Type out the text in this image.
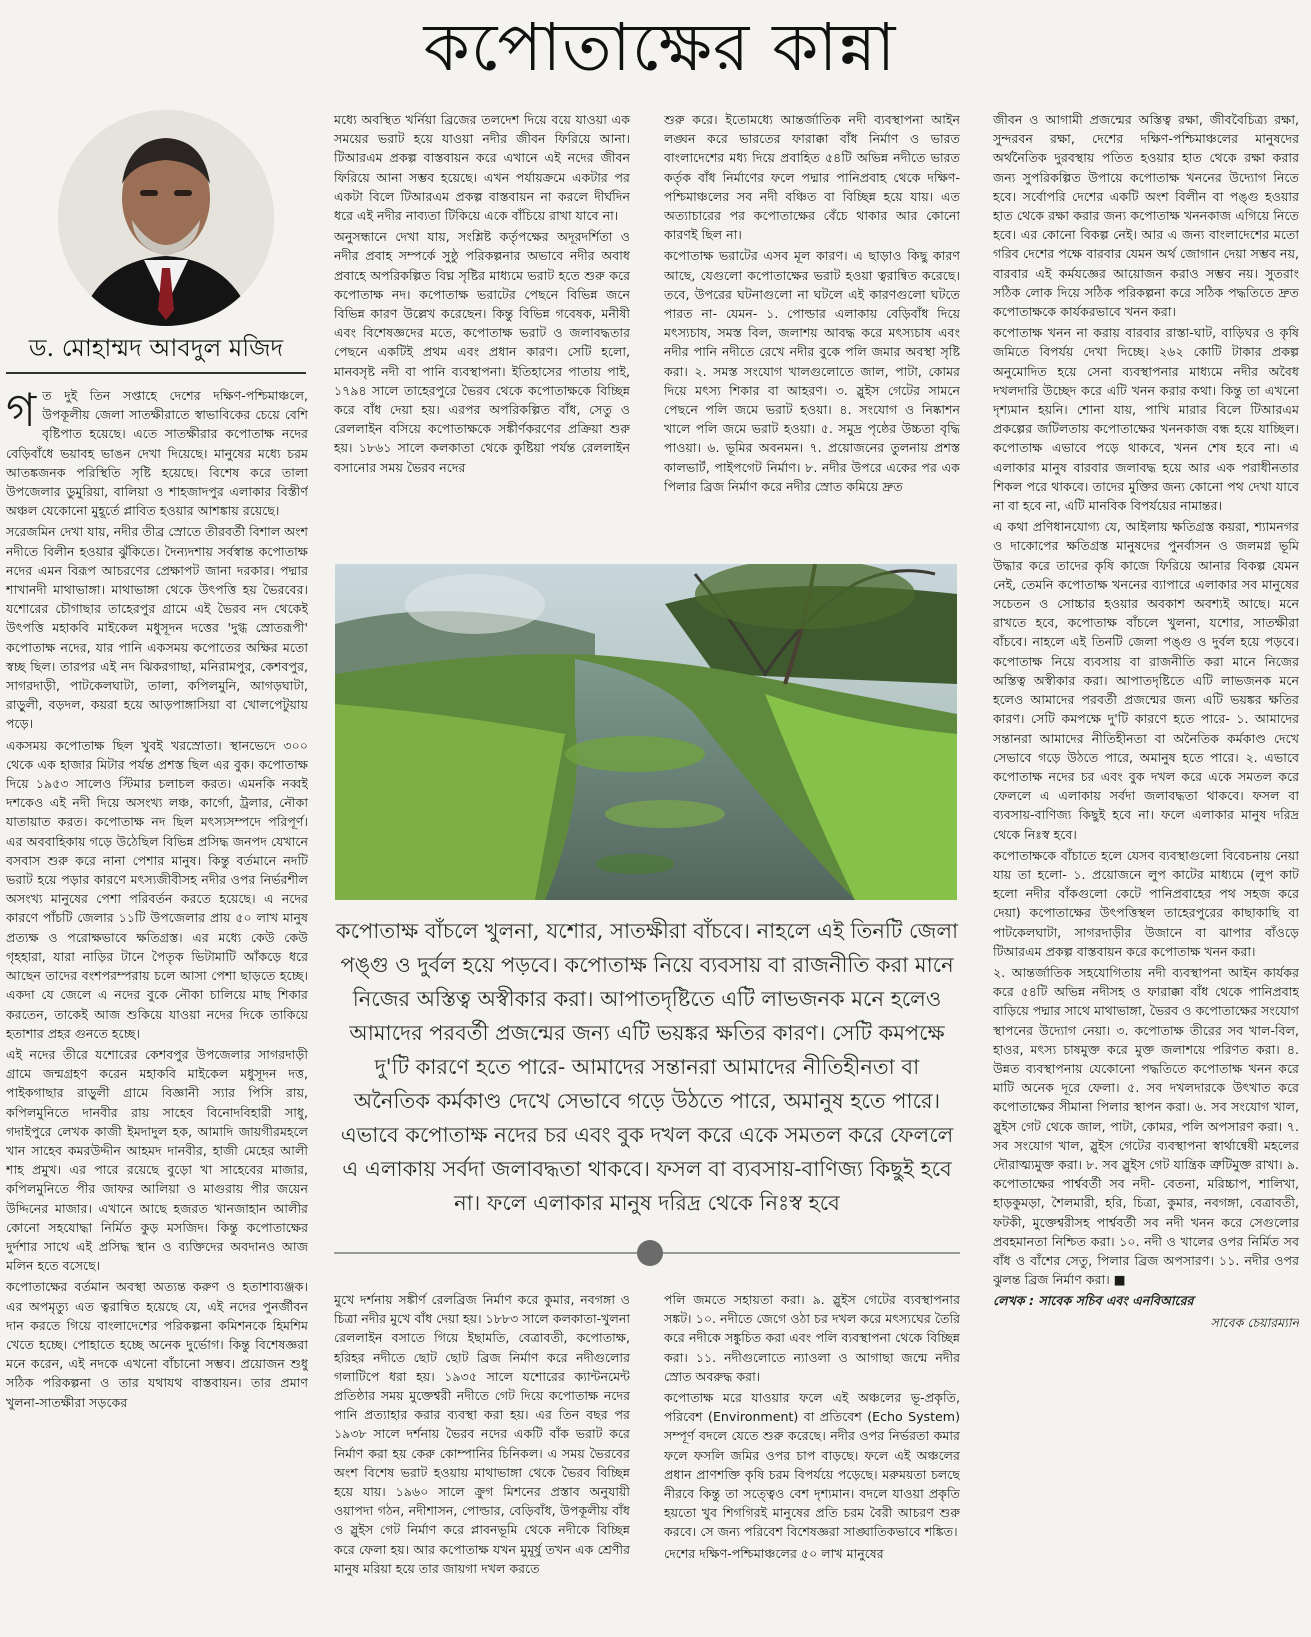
কপোতাক্ষের কান্না
ড. মোহাম্মদ আবদুল মজিদ

গত দুই তিন সপ্তাহে দেশের দক্ষিণ-পশ্চিমাঞ্চলে, উপকূলীয় জেলা সাতক্ষীরাতে স্বাভাবিকের চেয়ে বেশি বৃষ্টিপাত হয়েছে। এতে সাতক্ষীরার কপোতাক্ষ নদের বেড়িবাঁধে ভয়াবহ ভাঙন দেখা দিয়েছে। মানুষের মধ্যে চরম আতঙ্কজনক পরিস্থিতি সৃষ্টি হয়েছে। বিশেষ করে তালা উপজেলার ডুমুরিয়া, বালিয়া ও শাহজাদপুর এলাকার বিস্তীর্ণ অঞ্চল যেকোনো মুহূর্তে প্লাবিত হওয়ার আশঙ্কায় রয়েছে।

সরেজমিন দেখা যায়, নদীর তীব্র স্রোতে তীরবর্তী বিশাল অংশ নদীতে বিলীন হওয়ার ঝুঁকিতে। দৈন্যদশায় সর্বস্বান্ত কপোতাক্ষ নদের এমন বিরূপ আচরণের প্রেক্ষাপট জানা দরকার। পদ্মার শাখানদী মাথাভাঙ্গা। মাথাভাঙ্গা থেকে উৎপত্তি হয় ভৈরবের। যশোরের চৌগাছার তাহেরপুর গ্রামে এই ভৈরব নদ থেকেই উৎপত্তি মহাকবি মাইকেল মধুসূদন দত্তের 'দুগ্ধ স্রোতরূপী' কপোতাক্ষ নদের, যার পানি একসময় কপোতের অক্ষির মতো স্বচ্ছ ছিল। তারপর এই নদ ঝিকরগাছা, মনিরামপুর, কেশবপুর, সাগরদাড়ী, পাটকেলঘাটা, তালা, কপিলমুনি, আগড়ঘাটা, রাড়ুলী, বড়দল, কয়রা হয়ে আড়পাঙ্গাসিয়া বা খোলপেটুয়ায় পড়ে।

একসময় কপোতাক্ষ ছিল খুবই খরস্রোতা। স্থানভেদে ৩০০ থেকে এক হাজার মিটার পর্যন্ত প্রশস্ত ছিল এর বুক। কপোতাক্ষ দিয়ে ১৯৫৩ সালেও স্টিমার চলাচল করত। এমনকি নব্বই দশকেও এই নদী দিয়ে অসংখ্য লঞ্চ, কার্গো, ট্রলার, নৌকা যাতায়াত করত। কপোতাক্ষ নদ ছিল মৎস্যসম্পদে পরিপূর্ণ। এর অববাহিকায় গড়ে উঠেছিল বিভিন্ন প্রসিদ্ধ জনপদ যেখানে বসবাস শুরু করে নানা পেশার মানুষ। কিন্তু বর্তমানে নদটি ভরাট হয়ে পড়ার কারণে মৎস্যজীবীসহ নদীর ওপর নির্ভরশীল অসংখ্য মানুষের পেশা পরিবর্তন করতে হয়েছে। এ নদের কারণে পাঁচটি জেলার ১১টি উপজেলার প্রায় ৫০ লাখ মানুষ প্রত্যক্ষ ও পরোক্ষভাবে ক্ষতিগ্রস্ত। এর মধ্যে কেউ কেউ গৃহহারা, যারা নাড়ির টানে পৈতৃক ভিটামাটি আঁকড়ে ধরে আছেন তাদের বংশপরম্পরায় চলে আসা পেশা ছাড়তে হচ্ছে। একদা যে জেলে এ নদের বুকে নৌকা চালিয়ে মাছ শিকার করতেন, তাকেই আজ শুকিয়ে যাওয়া নদের দিকে তাকিয়ে হতাশার প্রহর গুনতে হচ্ছে।

এই নদের তীরে যশোরের কেশবপুর উপজেলার সাগরদাড়ী গ্রামে জন্মগ্রহণ করেন মহাকবি মাইকেল মধুসূদন দত্ত, পাইকগাছার রাড়ুলী গ্রামে বিজ্ঞানী স্যার পিসি রায়, কপিলমুনিতে দানবীর রায় সাহেব বিনোদবিহারী সাধু, গদাইপুরে লেখক কাজী ইমদাদুল হক, আমাদি জায়গীরমহলে খান সাহেব কমরউদ্দীন আহমদ দানবীর, হাজী মেহের আলী শাহ প্রমুখ। এর পারে রয়েছে বুড়ো খা সাহেবের মাজার, কপিলমুনিতে পীর জাফর আলিয়া ও মাগুরায় পীর জয়েন উদ্দিনের মাজার। এখানে আছে হজরত খানজাহান আলীর কোনো সহযোদ্ধা নির্মিত কুড় মসজিদ। কিন্তু কপোতাক্ষের দুর্দশার সাথে এই প্রসিদ্ধ স্থান ও ব্যক্তিদের অবদানও আজ মলিন হতে বসেছে।

কপোতাক্ষের বর্তমান অবস্থা অত্যন্ত করুণ ও হতাশাব্যঞ্জক। এর অপমৃত্যু এত ত্বরান্বিত হয়েছে যে, এই নদের পুনর্জীবন দান করতে গিয়ে বাংলাদেশের পরিকল্পনা কমিশনকে হিমশিম খেতে হচ্ছে। পোহাতে হচ্ছে অনেক দুর্ভোগ। কিন্তু বিশেষজ্ঞরা মনে করেন, এই নদকে এখনো বাঁচানো সম্ভব। প্রয়োজন শুধু সঠিক পরিকল্পনা ও তার যথাযথ বাস্তবায়ন। তার প্রমাণ খুলনা-সাতক্ষীরা সড়কের

মধ্যে অবস্থিত খর্নিয়া ব্রিজের তলদেশ দিয়ে বয়ে যাওয়া এক সময়ের ভরাট হয়ে যাওয়া নদীর জীবন ফিরিয়ে আনা। টিআরএম প্রকল্প বাস্তবায়ন করে এখানে এই নদের জীবন ফিরিয়ে আনা সম্ভব হয়েছে। এখন পর্যায়ক্রমে একটার পর একটা বিলে টিআরএম প্রকল্প বাস্তবায়ন না করলে দীর্ঘদিন ধরে এই নদীর নাব্যতা টিকিয়ে একে বাঁচিয়ে রাখা যাবে না।

অনুসন্ধানে দেখা যায়, সংশ্লিষ্ট কর্তৃপক্ষের অদূরদর্শিতা ও নদীর প্রবাহ সম্পর্কে সুষ্ঠু পরিকল্পনার অভাবে নদীর অবাধ প্রবাহে অপরিকল্পিত বিঘ্ন সৃষ্টির মাধ্যমে ভরাট হতে শুরু করে কপোতাক্ষ নদ। কপোতাক্ষ ভরাটের পেছনে বিভিন্ন জনে বিভিন্ন কারণ উল্লেখ করেছেন। কিন্তু বিভিন্ন গবেষক, মনীষী এবং বিশেষজ্ঞদের মতে, কপোতাক্ষ ভরাট ও জলাবদ্ধতার পেছনে একটিই প্রথম এবং প্রধান কারণ। সেটি হলো, মানবসৃষ্ট নদী বা পানি ব্যবস্থাপনা। ইতিহাসের পাতায় পাই, ১৭৯৪ সালে তাহেরপুরে ভৈরব থেকে কপোতাক্ষকে বিচ্ছিন্ন করে বাঁধ দেয়া হয়। এরপর অপরিকল্পিত বাঁধ, সেতু ও রেললাইন বসিয়ে কপোতাক্ষকে সঙ্কীর্ণকরণের প্রক্রিয়া শুরু হয়। ১৮৬১ সালে কলকাতা থেকে কুষ্টিয়া পর্যন্ত রেললাইন বসানোর সময় ভৈরব নদের

শুরু করে। ইতোমধ্যে আন্তর্জাতিক নদী ব্যবস্থাপনা আইন লঙ্ঘন করে ভারতের ফারাক্কা বাঁধ নির্মাণ ও ভারত বাংলাদেশের মধ্য দিয়ে প্রবাহিত ৫৪টি অভিন্ন নদীতে ভারত কর্তৃক বাঁধ নির্মাণের ফলে পদ্মার পানিপ্রবাহ থেকে দক্ষিণ-পশ্চিমাঞ্চলের সব নদী বঞ্চিত বা বিচ্ছিন্ন হয়ে যায়। এত অত্যাচারের পর কপোতাক্ষের বেঁচে থাকার আর কোনো কারণই ছিল না।

কপোতাক্ষ ভরাটের এসব মূল কারণ। এ ছাড়াও কিছু কারণ আছে, যেগুলো কপোতাক্ষের ভরাট হওয়া ত্বরান্বিত করেছে। তবে, উপরের ঘটনাগুলো না ঘটলে এই কারণগুলো ঘটতে পারত না- যেমন- ১. পোল্ডার এলাকায় বেড়িবাঁধ দিয়ে মৎস্যচাষ, সমস্ত বিল, জলাশয় আবদ্ধ করে মৎস্যচাষ এবং নদীর পানি নদীতে রেখে নদীর বুকে পলি জমার অবস্থা সৃষ্টি করা। ২. সমস্ত সংযোগ খালগুলোতে জাল, পাটা, কোমর দিয়ে মৎস্য শিকার বা আহরণ। ৩. স্লুইস গেটের সামনে পেছনে পলি জমে ভরাট হওয়া। ৪. সংযোগ ও নিষ্কাশন খালে পলি জমে ভরাট হওয়া। ৫. সমুদ্র পৃষ্ঠের উচ্চতা বৃদ্ধি পাওয়া। ৬. ভূমির অবনমন। ৭. প্রয়োজনের তুলনায় প্রশস্ত কালভার্ট, পাইপগেট নির্মাণ। ৮. নদীর উপরে একের পর এক পিলার ব্রিজ নির্মাণ করে নদীর স্রোত কমিয়ে দ্রুত

জীবন ও আগামী প্রজন্মের অস্তিত্ব রক্ষা, জীববৈচিত্র্য রক্ষা, সুন্দরবন রক্ষা, দেশের দক্ষিণ-পশ্চিমাঞ্চলের মানুষদের অর্থনৈতিক দুরবস্থায় পতিত হওয়ার হাত থেকে রক্ষা করার জন্য সুপরিকল্পিত উপায়ে কপোতাক্ষ খননের উদ্যোগ নিতে হবে। সর্বোপরি দেশের একটি অংশ বিলীন বা পঙ্গু হওয়ার হাত থেকে রক্ষা করার জন্য কপোতাক্ষ খননকাজ এগিয়ে নিতে হবে। এর কোনো বিকল্প নেই। আর এ জন্য বাংলাদেশের মতো গরিব দেশের পক্ষে বারবার যেমন অর্থ জোগান দেয়া সম্ভব নয়, বারবার এই কর্মযজ্ঞের আয়োজন করাও সম্ভব নয়। সুতরাং সঠিক লোক দিয়ে সঠিক পরিকল্পনা করে সঠিক পদ্ধতিতে দ্রুত কপোতাক্ষকে কার্যকরভাবে খনন করা।

কপোতাক্ষ খনন না করায় বারবার রাস্তা-ঘাট, বাড়িঘর ও কৃষি জমিতে বিপর্যয় দেখা দিচ্ছে। ২৬২ কোটি টাকার প্রকল্প অনুমোদিত হয়ে সেনা ব্যবস্থাপনার মাধ্যমে নদীর অবৈধ দখলদারি উচ্ছেদ করে এটি খনন করার কথা। কিন্তু তা এখনো দৃশ্যমান হয়নি। শোনা যায়, পাখি মারার বিলে টিআরএম প্রকল্পের জটিলতায় কপোতাক্ষের খননকাজ বন্ধ হয়ে যাচ্ছিল। কপোতাক্ষ এভাবে পড়ে থাকবে, খনন শেষ হবে না। এ এলাকার মানুষ বারবার জলাবদ্ধ হয়ে আর এক পরাধীনতার শিকল পরে থাকবে। তাদের মুক্তির জন্য কোনো পথ দেখা যাবে না বা হবে না, এটি মানবিক বিপর্যয়ের নামান্তর।

এ কথা প্রণিধানযোগ্য যে, আইলায় ক্ষতিগ্রস্ত কয়রা, শ্যামনগর ও দাকোপের ক্ষতিগ্রস্ত মানুষদের পুনর্বাসন ও জলমগ্ন ভূমি উদ্ধার করে তাদের কৃষি কাজে ফিরিয়ে আনার বিকল্প যেমন নেই, তেমনি কপোতাক্ষ খননের ব্যাপারে এলাকার সব মানুষের সচেতন ও সোচ্চার হওয়ার অবকাশ অবশ্যই আছে। মনে রাখতে হবে, কপোতাক্ষ বাঁচলে খুলনা, যশোর, সাতক্ষীরা বাঁচবে। নাহলে এই তিনটি জেলা পঙ্গু ও দুর্বল হয়ে পড়বে। কপোতাক্ষ নিয়ে ব্যবসায় বা রাজনীতি করা মানে নিজের অস্তিত্ব অস্বীকার করা। আপাতদৃষ্টিতে এটি লাভজনক মনে হলেও আমাদের পরবর্তী প্রজন্মের জন্য এটি ভয়ঙ্কর ক্ষতির কারণ। সেটি কমপক্ষে দু'টি কারণে হতে পারে- ১. আমাদের সন্তানরা আমাদের নীতিহীনতা বা অনৈতিক কর্মকাণ্ড দেখে সেভাবে গড়ে উঠতে পারে, অমানুষ হতে পারে। ২. এভাবে কপোতাক্ষ নদের চর এবং বুক দখল করে একে সমতল করে ফেললে এ এলাকায় সর্বদা জলাবদ্ধতা থাকবে। ফসল বা ব্যবসায়-বাণিজ্য কিছুই হবে না। ফলে এলাকার মানুষ দরিদ্র থেকে নিঃস্ব হবে।

কপোতাক্ষকে বাঁচাতে হলে যেসব ব্যবস্থাগুলো বিবেচনায় নেয়া যায় তা হলো- ১. প্রয়োজনে লুপ কাটের মাধ্যমে (লুপ কাট হলো নদীর বাঁকগুলো কেটে পানিপ্রবাহের পথ সহজ করে দেয়া) কপোতাক্ষের উৎপত্তিস্থল তাহেরপুরের কাছাকাছি বা পাটকেলঘাটা, সাগরদাড়ীর উজানে বা ঝাপার বাঁওড়ে টিআরএম প্রকল্প বাস্তবায়ন করে কপোতাক্ষ খনন করা।

২. আন্তর্জাতিক সহযোগিতায় নদী ব্যবস্থাপনা আইন কার্যকর করে ৫৪টি অভিন্ন নদীসহ ও ফারাক্কা বাঁধ থেকে পানিপ্রবাহ বাড়িয়ে পদ্মার সাথে মাথাভাঙ্গা, ভৈরব ও কপোতাক্ষের সংযোগ স্থাপনের উদ্যোগ নেয়া। ৩. কপোতাক্ষ তীরের সব খাল-বিল, হাওর, মৎস্য চাষমুক্ত করে মুক্ত জলাশয়ে পরিণত করা। ৪. উন্নত ব্যবস্থাপনায় যেকোনো পদ্ধতিতে কপোতাক্ষ খনন করে মাটি অনেক দূরে ফেলা। ৫. সব দখলদারকে উৎখাত করে কপোতাক্ষের সীমানা পিলার স্থাপন করা। ৬. সব সংযোগ খাল, স্লুইস গেট থেকে জাল, পাটা, কোমর, পলি অপসারণ করা। ৭. সব সংযোগ খাল, স্লুইস গেটের ব্যবস্থাপনা স্বার্থান্বেষী মহলের দৌরাত্ম্যমুক্ত করা। ৮. সব স্লুইস গেট যান্ত্রিক ত্রুটিমুক্ত রাখা। ৯. কপোতাক্ষের পার্শ্ববর্তী সব নদী- বেতনা, মরিচ্চাপ, শালিখা, হাড়কুমড়া, শৈলমারী, হরি, চিত্রা, কুমার, নবগঙ্গা, বেত্রাবতী, ফটকী, মুক্তেশ্বরীসহ পার্শ্ববর্তী সব নদী খনন করে সেগুলোর প্রবহমানতা নিশ্চিত করা। ১০. নদী ও খালের ওপর নির্মিত সব বাঁধ ও বাঁশের সেতু, পিলার ব্রিজ অপসারণ। ১১. নদীর ওপর ঝুলন্ত ব্রিজ নির্মাণ করা। ■

লেখক : সাবেক সচিব এবং এনবিআরের

সাবেক চেয়ারম্যান

কপোতাক্ষ বাঁচলে খুলনা, যশোর, সাতক্ষীরা বাঁচবে। নাহলে এই তিনটি জেলা পঙ্গু ও দুর্বল হয়ে পড়বে। কপোতাক্ষ নিয়ে ব্যবসায় বা রাজনীতি করা মানে নিজের অস্তিত্ব অস্বীকার করা। আপাতদৃষ্টিতে এটি লাভজনক মনে হলেও আমাদের পরবর্তী প্রজন্মের জন্য এটি ভয়ঙ্কর ক্ষতির কারণ। সেটি কমপক্ষে দু'টি কারণে হতে পারে- আমাদের সন্তানরা আমাদের নীতিহীনতা বা অনৈতিক কর্মকাণ্ড দেখে সেভাবে গড়ে উঠতে পারে, অমানুষ হতে পারে। এভাবে কপোতাক্ষ নদের চর এবং বুক দখল করে একে সমতল করে ফেললে এ এলাকায় সর্বদা জলাবদ্ধতা থাকবে। ফসল বা ব্যবসায়-বাণিজ্য কিছুই হবে না। ফলে এলাকার মানুষ দরিদ্র থেকে নিঃস্ব হবে

মুখে দর্শনায় সঙ্কীর্ণ রেলব্রিজ নির্মাণ করে কুমার, নবগঙ্গা ও চিত্রা নদীর মুখে বাঁধ দেয়া হয়। ১৮৮৩ সালে কলকাতা-খুলনা রেললাইন বসাতে গিয়ে ইছামতি, বেত্রাবতী, কপোতাক্ষ, হরিহর নদীতে ছোট ছোট ব্রিজ নির্মাণ করে নদীগুলোর গলাটিপে ধরা হয়। ১৯৩৫ সালে যশোরের ক্যান্টনমেন্ট প্রতিষ্ঠার সময় মুক্তেশ্বরী নদীতে গেট দিয়ে কপোতাক্ষ নদের পানি প্রত্যাহার করার ব্যবস্থা করা হয়। এর তিন বছর পর ১৯৩৮ সালে দর্শনায় ভৈরব নদের একটি বাঁক ভরাট করে নির্মাণ করা হয় কেরু কোম্পানির চিনিকল। এ সময় ভৈরবের অংশ বিশেষ ভরাট হওয়ায় মাথাভাঙ্গা থেকে ভৈরব বিচ্ছিন্ন হয়ে যায়। ১৯৬০ সালে ক্রুগ মিশনের প্রস্তাব অনুযায়ী ওয়াপদা গঠন, নদীশাসন, পোল্ডার, বেড়িবাঁধ, উপকূলীয় বাঁধ ও স্লুইস গেট নির্মাণ করে প্লাবনভূমি থেকে নদীকে বিচ্ছিন্ন করে ফেলা হয়। আর কপোতাক্ষ যখন মুমূর্ষু তখন এক শ্রেণীর মানুষ মরিয়া হয়ে তার জায়গা দখল করতে

পলি জমতে সহায়তা করা। ৯. স্লুইস গেটের ব্যবস্থাপনার সঙ্কট। ১০. নদীতে জেগে ওঠা চর দখল করে মৎস্যঘের তৈরি করে নদীকে সঙ্কুচিত করা এবং পলি ব্যবস্থাপনা থেকে বিচ্ছিন্ন করা। ১১. নদীগুলোতে ন্যাওলা ও আগাছা জন্মে নদীর স্রোত অবরুদ্ধ করা।

কপোতাক্ষ মরে যাওয়ার ফলে এই অঞ্চলের ভূ-প্রকৃতি, পরিবেশ (Environment) বা প্রতিবেশ (Echo System) সম্পূর্ণ বদলে যেতে শুরু করেছে। নদীর ওপর নির্ভরতা কমার ফলে ফসলি জমির ওপর চাপ বাড়ছে। ফলে এই অঞ্চলের প্রধান প্রাণশক্তি কৃষি চরম বিপর্যয়ে পড়েছে। মরুময়তা চলছে নীরবে কিন্তু তা সত্ত্বেও বেশ দৃশ্যমান। বদলে যাওয়া প্রকৃতি হয়তো খুব শিগগিরই মানুষের প্রতি চরম বৈরী আচরণ শুরু করবে। সে জন্য পরিবেশ বিশেষজ্ঞরা সাঙ্ঘাতিকভাবে শঙ্কিত।

দেশের দক্ষিণ-পশ্চিমাঞ্চলের ৫০ লাখ মানুষের
